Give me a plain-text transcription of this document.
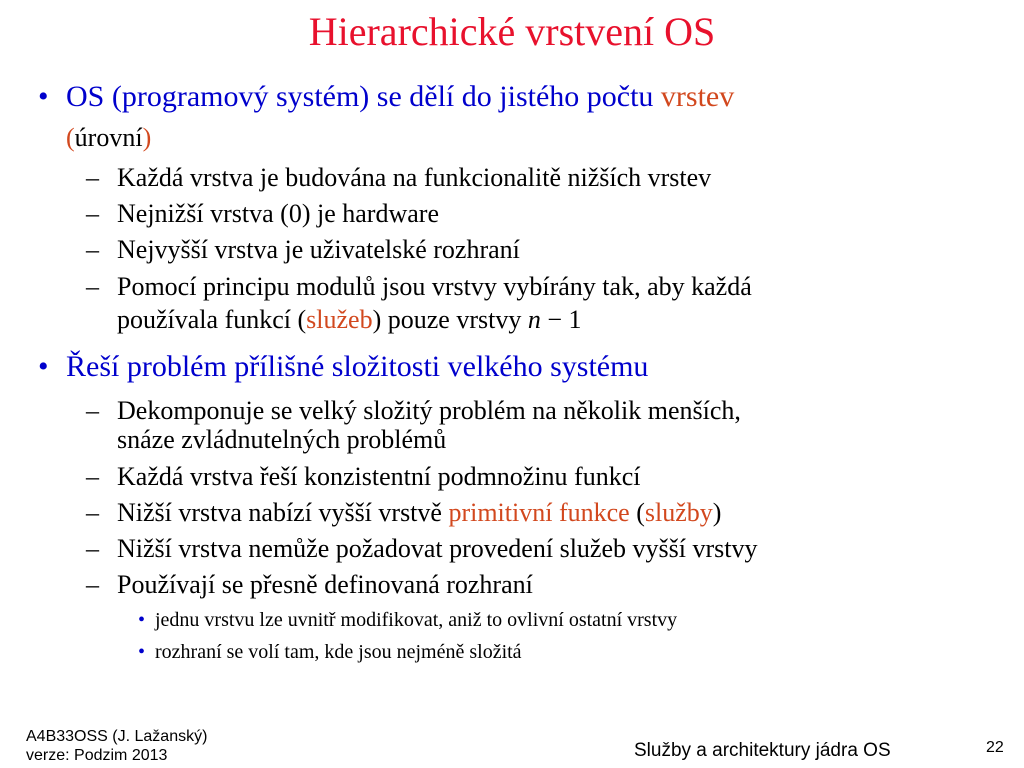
Hierarchické vrstvení OS
• OS (programový systém) se dělí do jistého počtu vrstev
(úrovní)
– Každá vrstva je budována na funkcionalitě nižších vrstev
– Nejnižší vrstva (0) je hardware
– Nejvyšší vrstva je uživatelské rozhraní
– Pomocí principu modulů jsou vrstvy vybírány tak, aby každá
používala funkcí (služeb) pouze vrstvy n − 1
• Řeší problém přílišné složitosti velkého systému
– Dekomponuje se velký složitý problém na několik menších,
snáze zvládnutelných problémů
– Každá vrstva řeší konzistentní podmnožinu funkcí
– Nižší vrstva nabízí vyšší vrstvě primitivní funkce (služby)
– Nižší vrstva nemůže požadovat provedení služeb vyšší vrstvy
– Používají se přesně definovaná rozhraní
• jednu vrstvu lze uvnitř modifikovat, aniž to ovlivní ostatní vrstvy
• rozhraní se volí tam, kde jsou nejméně složitá
A4B33OSS (J. Lažanský)
verze: Podzim 2013	Služby a architektury jádra OS	22
